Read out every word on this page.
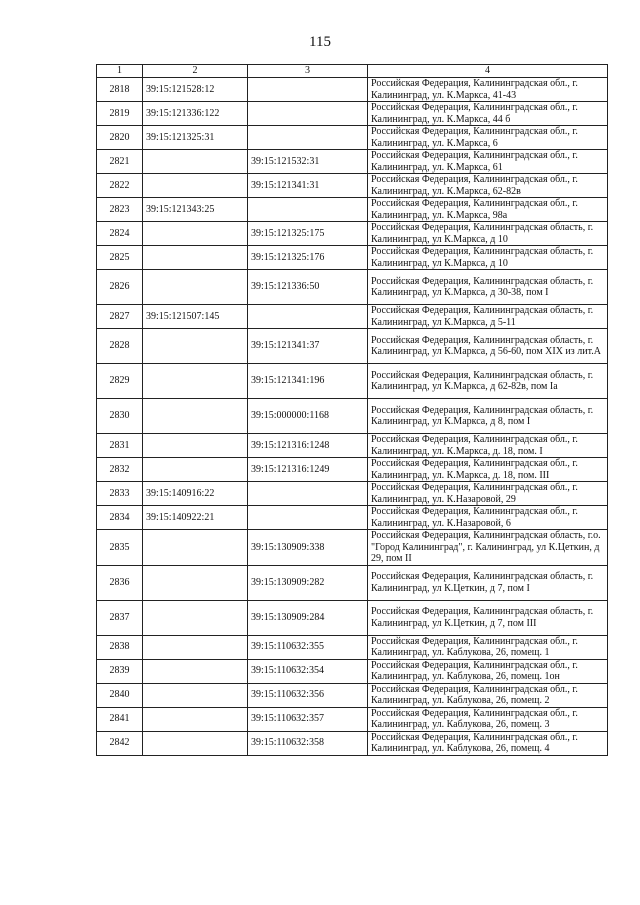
115
1	2	3	4
2818	39:15:121528:12		Российская Федерация, Калининградская обл., г. Калининград, ул. К.Маркса, 41-43
2819	39:15:121336:122		Российская Федерация, Калининградская обл., г. Калининград, ул. К.Маркса, 44 б
2820	39:15:121325:31		Российская Федерация, Калининградская обл., г. Калининград, ул. К.Маркса, 6
2821		39:15:121532:31	Российская Федерация, Калининградская обл., г. Калининград, ул. К.Маркса, 61
2822		39:15:121341:31	Российская Федерация, Калининградская обл., г. Калининград, ул. К.Маркса, 62-82в
2823	39:15:121343:25		Российская Федерация, Калининградская обл., г. Калининград, ул. К.Маркса, 98а
2824		39:15:121325:175	Российская Федерация, Калининградская область, г. Калининград, ул К.Маркса, д 10
2825		39:15:121325:176	Российская Федерация, Калининградская область, г. Калининград, ул К.Маркса, д 10
2826		39:15:121336:50	Российская Федерация, Калининградская область, г. Калининград, ул К.Маркса, д 30-38, пом I
2827	39:15:121507:145		Российская Федерация, Калининградская область, г. Калининград, ул К.Маркса, д 5-11
2828		39:15:121341:37	Российская Федерация, Калининградская область, г. Калининград, ул К.Маркса, д 56-60, пом XIX из лит.А
2829		39:15:121341:196	Российская Федерация, Калининградская область, г. Калининград, ул К.Маркса, д 62-82в, пом Iа
2830		39:15:000000:1168	Российская Федерация, Калининградская область, г. Калининград, ул К.Маркса, д 8, пом I
2831		39:15:121316:1248	Российская Федерация, Калининградская обл., г. Калининград, ул. К.Маркса, д. 18, пом. I
2832		39:15:121316:1249	Российская Федерация, Калининградская обл., г. Калининград, ул. К.Маркса, д. 18, пом. III
2833	39:15:140916:22		Российская Федерация, Калининградская обл., г. Калининград, ул. К.Назаровой, 29
2834	39:15:140922:21		Российская Федерация, Калининградская обл., г. Калининград, ул. К.Назаровой, 6
2835		39:15:130909:338	Российская Федерация, Калининградская область, г.о. "Город Калининград", г. Калининград, ул К.Цеткин, д 29, пом II
2836		39:15:130909:282	Российская Федерация, Калининградская область, г. Калининград, ул К.Цеткин, д 7, пом I
2837		39:15:130909:284	Российская Федерация, Калининградская область, г. Калининград, ул К.Цеткин, д 7, пом III
2838		39:15:110632:355	Российская Федерация, Калининградская обл., г. Калининград, ул. Каблукова, 26, помещ. 1
2839		39:15:110632:354	Российская Федерация, Калининградская обл., г. Калининград, ул. Каблукова, 26, помещ. 1он
2840		39:15:110632:356	Российская Федерация, Калининградская обл., г. Калининград, ул. Каблукова, 26, помещ. 2
2841		39:15:110632:357	Российская Федерация, Калининградская обл., г. Калининград, ул. Каблукова, 26, помещ. 3
2842		39:15:110632:358	Российская Федерация, Калининградская обл., г. Калининград, ул. Каблукова, 26, помещ. 4
